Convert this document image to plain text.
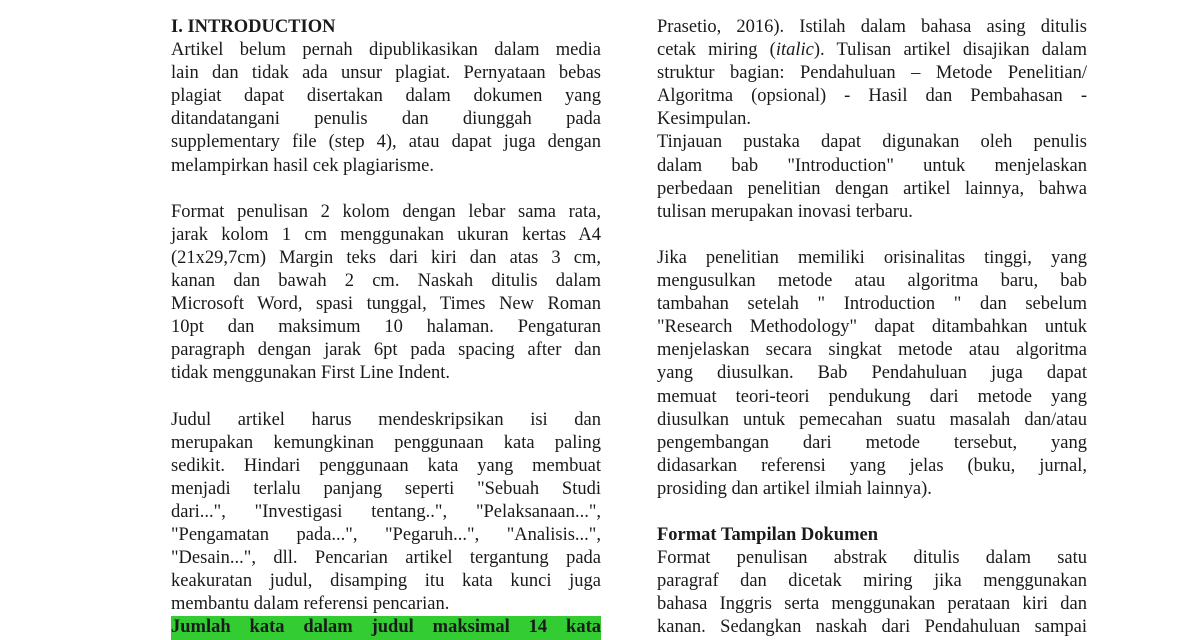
I. INTRODUCTION
Artikel belum pernah dipublikasikan dalam media
lain dan tidak ada unsur plagiat. Pernyataan bebas
plagiat dapat disertakan dalam dokumen yang
ditandatangani penulis dan diunggah pada
supplementary file (step 4), atau dapat juga dengan
melampirkan hasil cek plagiarisme.
Format penulisan 2 kolom dengan lebar sama rata,
jarak kolom 1 cm menggunakan ukuran kertas A4
(21x29,7cm) Margin teks dari kiri dan atas 3 cm,
kanan dan bawah 2 cm. Naskah ditulis dalam
Microsoft Word, spasi tunggal, Times New Roman
10pt dan maksimum 10 halaman. Pengaturan
paragraph dengan jarak 6pt pada spacing after dan
tidak menggunakan First Line Indent.
Judul artikel harus mendeskripsikan isi dan
merupakan kemungkinan penggunaan kata paling
sedikit. Hindari penggunaan kata yang membuat
menjadi terlalu panjang seperti "Sebuah Studi
dari...", "Investigasi tentang..", "Pelaksanaan...",
"Pengamatan pada...", "Pegaruh...", "Analisis...",
"Desain...", dll. Pencarian artikel tergantung pada
keakuratan judul, disamping itu kata kunci juga
membantu dalam referensi pencarian.
Jumlah kata dalam judul maksimal 14 kata
Prasetio, 2016). Istilah dalam bahasa asing ditulis
cetak miring (italic). Tulisan artikel disajikan dalam
struktur bagian: Pendahuluan – Metode Penelitian/
Algoritma (opsional) - Hasil dan Pembahasan -
Kesimpulan.
Tinjauan pustaka dapat digunakan oleh penulis
dalam bab "Introduction" untuk menjelaskan
perbedaan penelitian dengan artikel lainnya, bahwa
tulisan merupakan inovasi terbaru.
Jika penelitian memiliki orisinalitas tinggi, yang
mengusulkan metode atau algoritma baru, bab
tambahan setelah " Introduction " dan sebelum
"Research Methodology" dapat ditambahkan untuk
menjelaskan secara singkat metode atau algoritma
yang diusulkan. Bab Pendahuluan juga dapat
memuat teori-teori pendukung dari metode yang
diusulkan untuk pemecahan suatu masalah dan/atau
pengembangan dari metode tersebut, yang
didasarkan referensi yang jelas (buku, jurnal,
prosiding dan artikel ilmiah lainnya).
Format Tampilan Dokumen
Format penulisan abstrak ditulis dalam satu
paragraf dan dicetak miring jika menggunakan
bahasa Inggris serta menggunakan perataan kiri dan
kanan. Sedangkan naskah dari Pendahuluan sampai
